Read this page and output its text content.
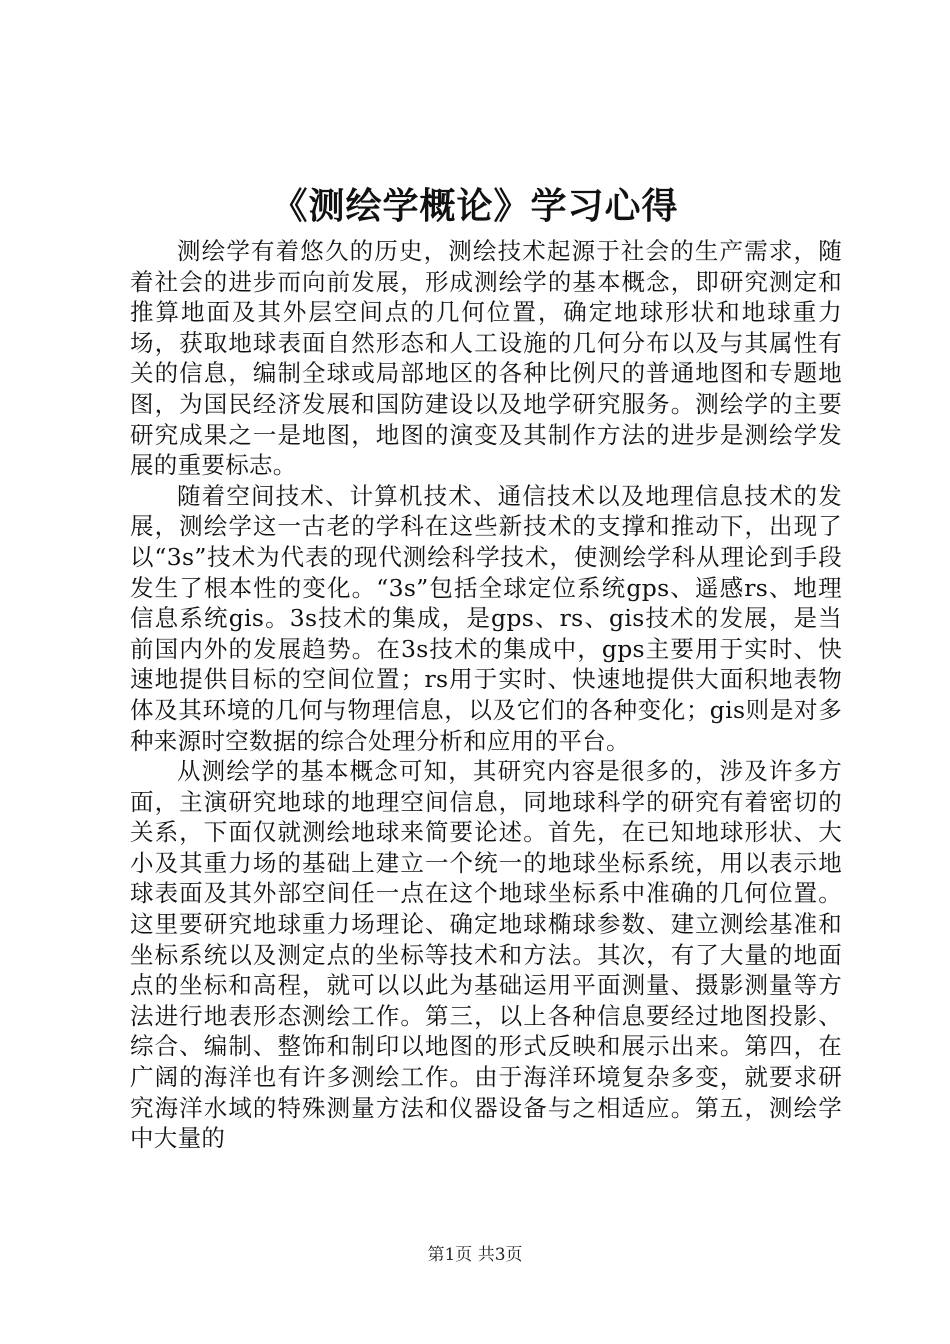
《测绘学概论》学习心得

测绘学有着悠久的历史，测绘技术起源于社会的生产需求，随着社会的进步而向前发展，形成测绘学的基本概念，即研究测定和推算地面及其外层空间点的几何位置，确定地球形状和地球重力场，获取地球表面自然形态和人工设施的几何分布以及与其属性有关的信息，编制全球或局部地区的各种比例尺的普通地图和专题地图，为国民经济发展和国防建设以及地学研究服务。测绘学的主要研究成果之一是地图，地图的演变及其制作方法的进步是测绘学发展的重要标志。

随着空间技术、计算机技术、通信技术以及地理信息技术的发展，测绘学这一古老的学科在这些新技术的支撑和推动下，出现了以“3s”技术为代表的现代测绘科学技术，使测绘学科从理论到手段发生了根本性的变化。“3s”包括全球定位系统gps、遥感rs、地理信息系统gis。3s技术的集成，是gps、rs、gis技术的发展，是当前国内外的发展趋势。在3s技术的集成中，gps主要用于实时、快速地提供目标的空间位置；rs用于实时、快速地提供大面积地表物体及其环境的几何与物理信息，以及它们的各种变化；gis则是对多种来源时空数据的综合处理分析和应用的平台。

从测绘学的基本概念可知，其研究内容是很多的，涉及许多方面，主演研究地球的地理空间信息，同地球科学的研究有着密切的关系，下面仅就测绘地球来简要论述。首先，在已知地球形状、大小及其重力场的基础上建立一个统一的地球坐标系统，用以表示地球表面及其外部空间任一点在这个地球坐标系中准确的几何位置。这里要研究地球重力场理论、确定地球椭球参数、建立测绘基准和坐标系统以及测定点的坐标等技术和方法。其次，有了大量的地面点的坐标和高程，就可以以此为基础运用平面测量、摄影测量等方法进行地表形态测绘工作。第三，以上各种信息要经过地图投影、综合、编制、整饰和制印以地图的形式反映和展示出来。第四，在广阔的海洋也有许多测绘工作。由于海洋环境复杂多变，就要求研究海洋水域的特殊测量方法和仪器设备与之相适应。第五，测绘学中大量的

第1页 共3页
